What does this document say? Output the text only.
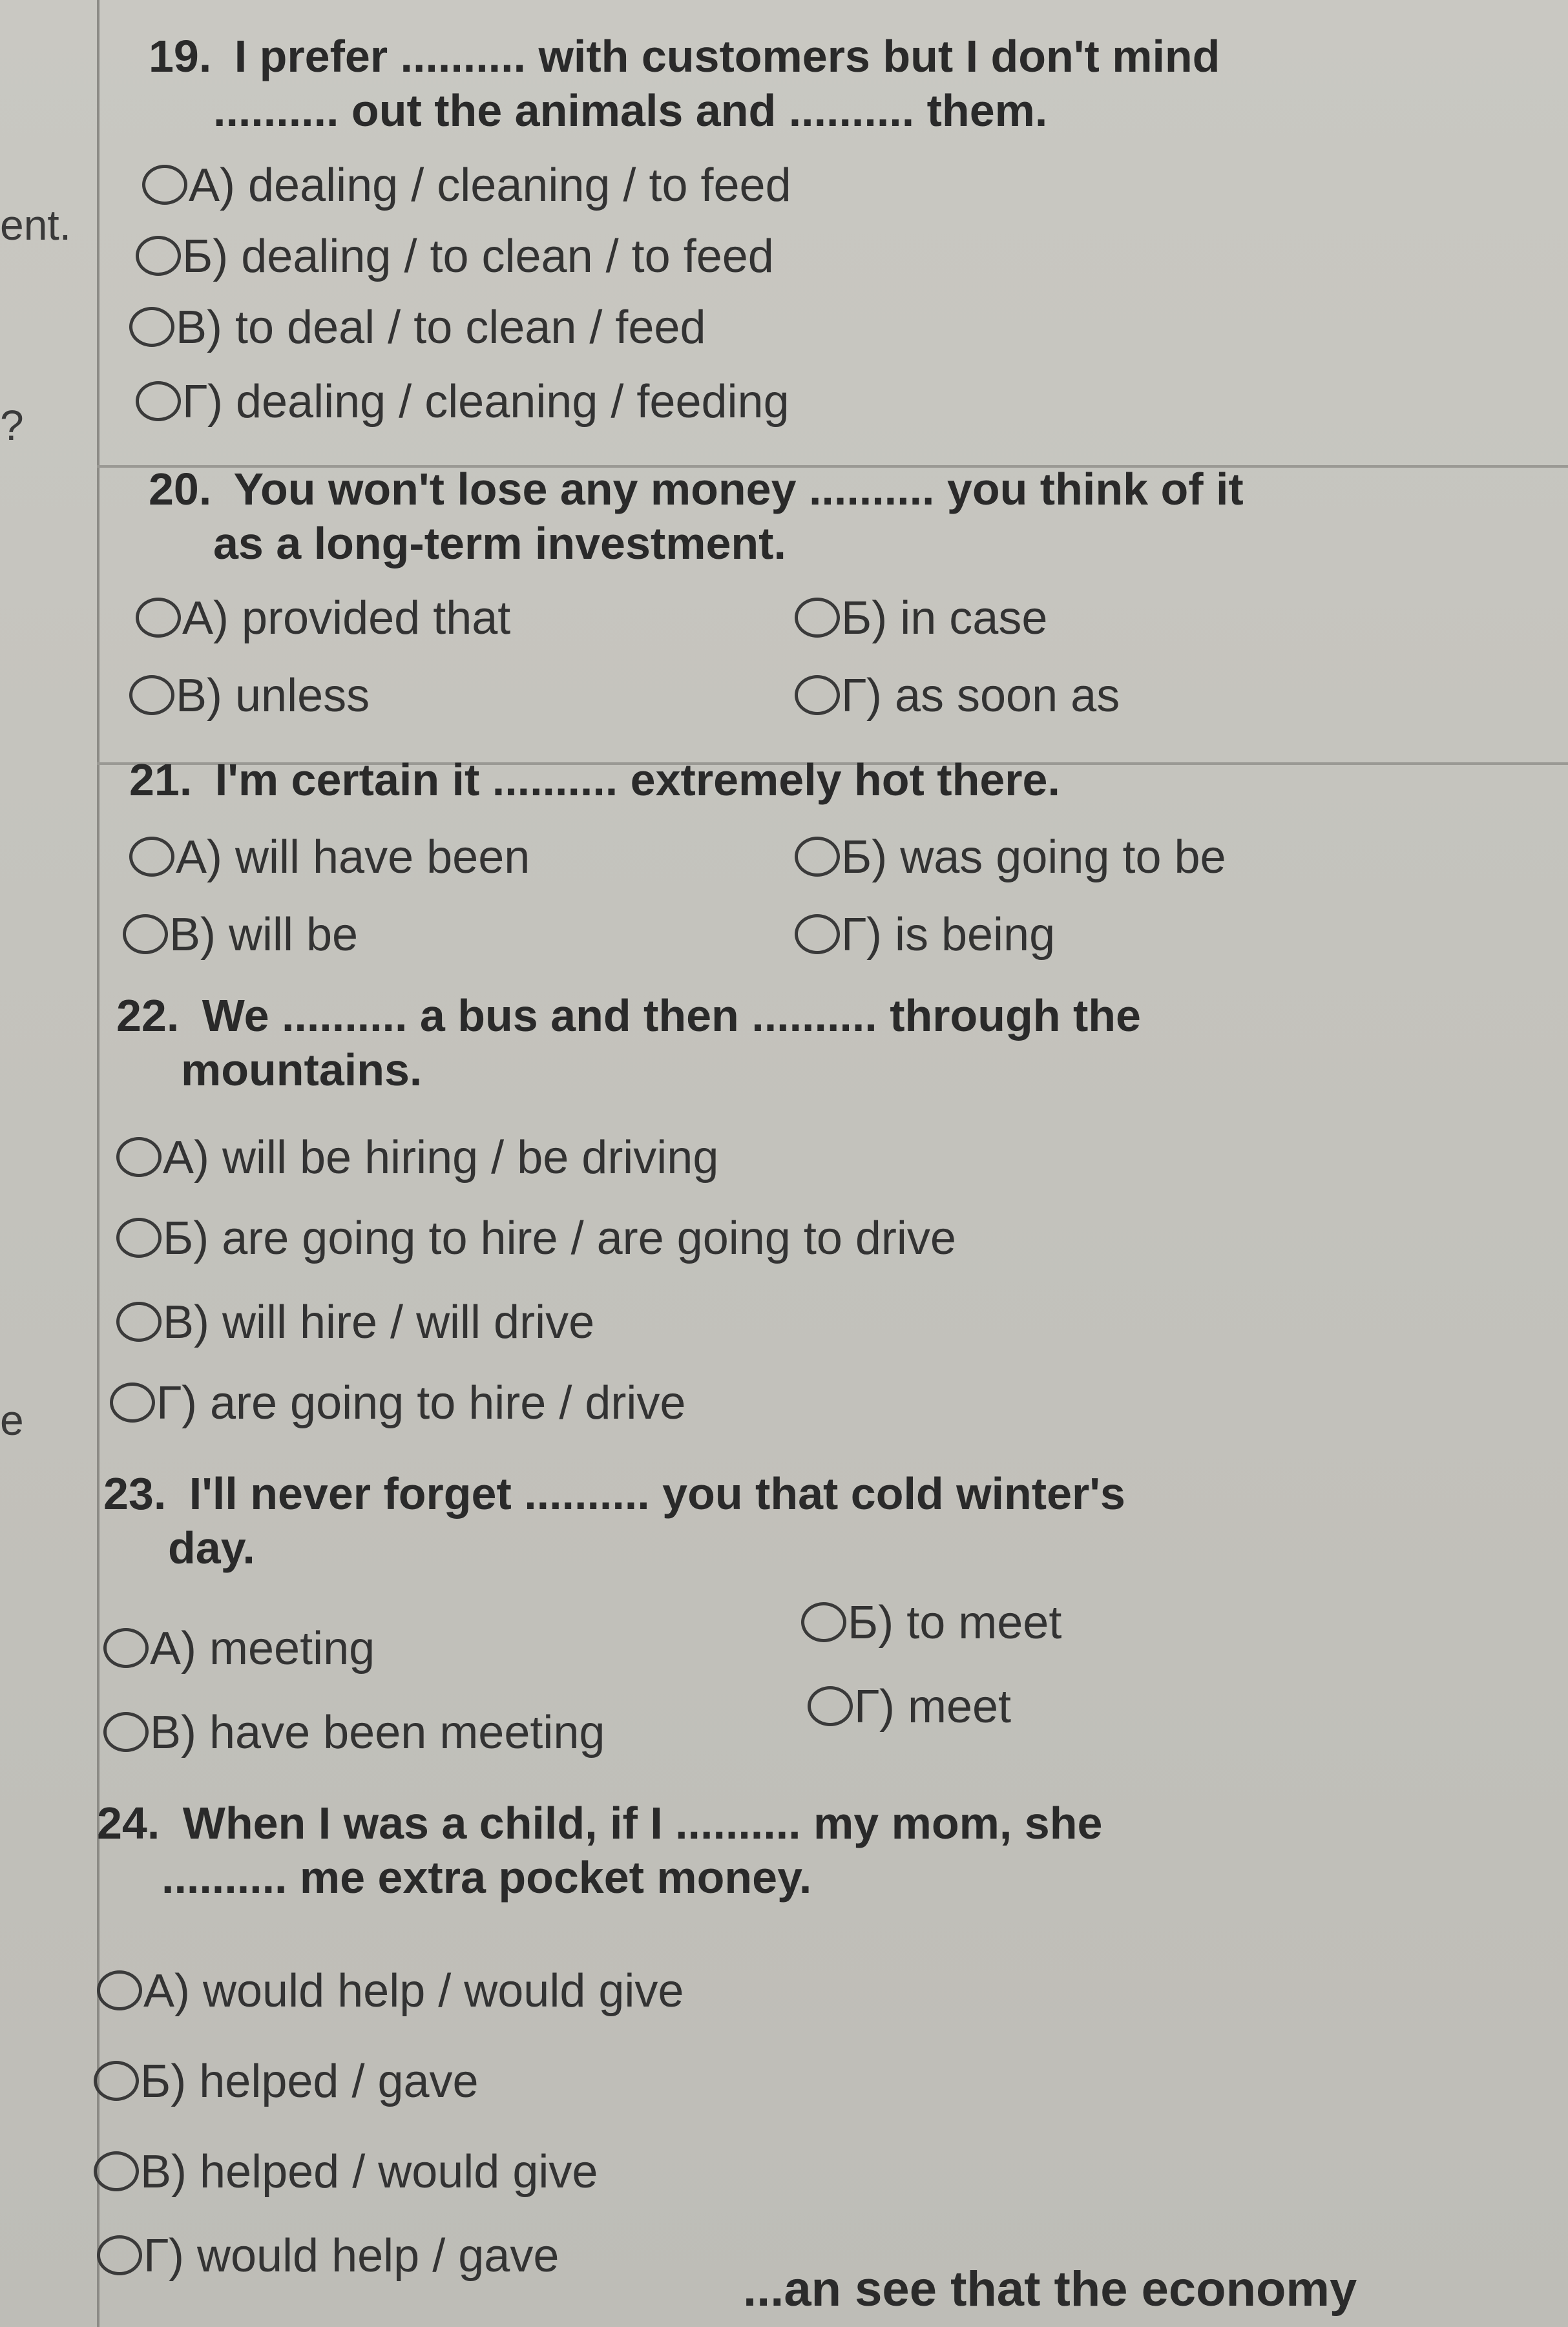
ent.
?
e
19. I prefer .......... with customers but I don't mind
.......... out the animals and .......... them.
A) dealing / cleaning / to feed
Б) dealing / to clean / to feed
В) to deal / to clean / feed
Г) dealing / cleaning / feeding
20. You won't lose any money .......... you think of it
as a long-term investment.
A) provided that	Б) in case
В) unless	Г) as soon as
21. I'm certain it .......... extremely hot there.
A) will have been	Б) was going to be
В) will be	Г) is being
22. We .......... a bus and then .......... through the
mountains.
A) will be hiring / be driving
Б) are going to hire / are going to drive
В) will hire / will drive
Г) are going to hire / drive
23. I'll never forget .......... you that cold winter's
day.
A) meeting	Б) to meet
В) have been meeting	Г) meet
24. When I was a child, if I .......... my mom, she
.......... me extra pocket money.
A) would help / would give
Б) helped / gave
В) helped / would give
Г) would help / gave
...an see that the economy
